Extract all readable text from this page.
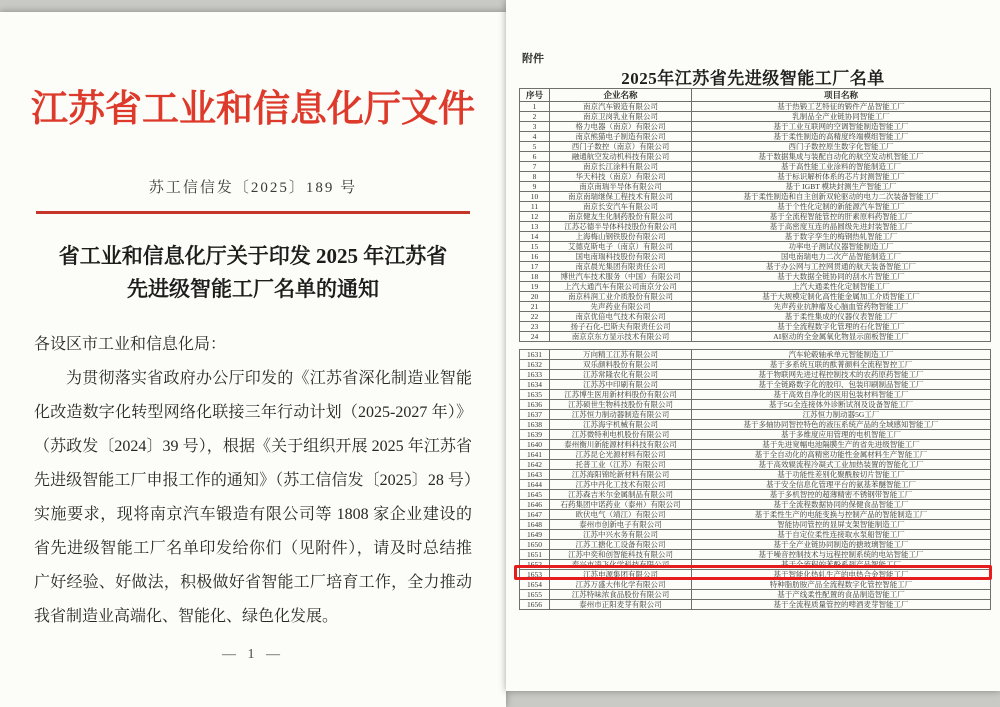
江苏省工业和信息化厅文件
苏工信信发〔2025〕189 号
省工业和信息化厅关于印发 2025 年江苏省
先进级智能工厂名单的通知
各设区市工业和信息化局：

为贯彻落实省政府办公厅印发的《江苏省深化制造业智能化改造数字化转型网络化联接三年行动计划（2025-2027 年）》（苏政发〔2024〕39 号），根据《关于组织开展 2025 年江苏省先进级智能工厂申报工作的通知》（苏工信信发〔2025〕28 号）实施要求，现将南京汽车锻造有限公司等 1808 家企业建设的省先进级智能工厂名单印发给你们（见附件），请及时总结推广好经验、好做法，积极做好省智能工厂培育工作，全力推动我省制造业高端化、智能化、绿色化发展。

— 1 —
附件
2025年江苏省先进级智能工厂名单
序号	企业名称	项目名称
1	南京汽车锻造有限公司	基于热锻工艺特征的锻件产品智能工厂
2	南京卫岗乳业有限公司	乳制品全产业链协同智能工厂
3	格力电器（南京）有限公司	基于工业互联网的空调智能制造智能工厂
4	南京熊猫电子制造有限公司	基于柔性制造的高精度终端模组智能工厂
5	西门子数控（南京）有限公司	西门子数控原生数字化智能工厂
6	融通航空发动机科技有限公司	基于数据集成与装配自动化的航空发动机智能工厂
7	南京长江涂料有限公司	基于高性能工业涂料的智能制造工厂
8	华天科技（南京）有限公司	基于标识解析体系的芯片封测智能工厂
9	南京南瑞半导体有限公司	基于 IGBT 模块封测生产智能工厂
10	南京南瑞继保工程技术有限公司	基于柔性制造和自主创新双轮驱动的电力二次装备智能工厂
11	南京长安汽车有限公司	基于个性化定制的新能源汽车智能工厂
12	南京健友生化制药股份有限公司	基于全流程智能管控的肝素原料药智能工厂
13	江苏芯德半导体科技股份有限公司	基于高密度互连的晶圆级先进封装智能工厂
14	上海梅山钢铁股份有限公司	基于数字孪生的梅钢热轧智能工厂
15	艾德克斯电子（南京）有限公司	功率电子测试仪器智能制造工厂
16	国电南瑞科技股份有限公司	国电南瑞电力二次产品智能制造工厂
17	南京晨光集团有限责任公司	基于办公网与工控网贯通的航天装备智能工厂
18	博世汽车技术服务（中国）有限公司	基于大数据全链协同的刮水片智能工厂
19	上汽大通汽车有限公司南京分公司	上汽大通柔性化定制智能工厂
20	南京科润工业介质股份有限公司	基于大规模定制化高性能金属加工介质智能工厂
21	先声药业有限公司	先声药业抗肿瘤及心脑血管药物智能工厂
22	南京优倍电气技术有限公司	基于柔性集成的仪器仪表智能工厂
23	扬子石化-巴斯夫有限责任公司	基于全流程数字化管理的石化智能工厂
24	南京京东方显示技术有限公司	AI驱动的全金属氧化物显示面板智能工厂
1631	万向精工江苏有限公司	汽车轮毂轴承单元智能制造工厂
1632	双乐颜料股份有限公司	基于多系统互联的酞菁颜料全流程智控工厂
1633	江苏常隆农化有限公司	基于物联网先进过程控制技术的农药原药智能工厂
1634	江苏苏中印刷有限公司	基于全链路数字化的胶印、包装印刷制品智能工厂
1635	江苏博生医用新材料股份有限公司	基于高效自净化的医用包装材料智能工厂
1636	江苏硕世生物科技股份有限公司	基于5G全连接体外诊断试剂及设备智能工厂
1637	江苏恒力制动器制造有限公司	江苏恒力制动器5G工厂
1638	江苏海宇机械有限公司	基于多轴协同智控特色的液压系统产品的全域感知智能工厂
1639	江苏微特利电机股份有限公司	基于多维度应用管理的电机智能工厂
1640	泰州衡川新能源材料科技有限公司	基于先进宽幅电池隔膜生产的省先进级智能工厂
1641	江苏昆仑光源材料有限公司	基于全自动化的高精密功能性金属材料生产智能工厂
1642	托普工业（江苏）有限公司	基于高效辊流程冷凝式工业加热装置的智能化工厂
1643	江苏海阳锦纶新材料有限公司	基于功能性差别化聚酰胺切片智能工厂
1644	江苏中丹化工技术有限公司	基于安全信息化管理平台的氨基苯醚智能工厂
1645	江苏森吉米尔金属制品有限公司	基于多机智控的超薄精密不锈钢带智能工厂
1646	石药集团中诺药业（泰州）有限公司	基于全流程数据协同的保健食品智能工厂
1647	欧伏电气（靖江）有限公司	基于柔性生产的电能变换与控制产品的智能制造工厂
1648	泰州市创新电子有限公司	智能协同管控的显屏支架智能制造工厂
1649	江苏中兴水务有限公司	基于自定位柔性连接取水泵船智能工厂
1650	江苏工搪化工设备有限公司	基于全产业链协同制造的搪玻璃智能工厂
1651	江苏中奕和创智能科技有限公司	基于噪音控制技术与远程控制系统的电站智能工厂
1652	泰兴市凌飞化学科技有限公司	基于全流程的苯酚系列产品智能工厂
1653	江苏申源集团有限公司	基于智能化热轧生产的电热合金智能工厂
1654	江苏万盛大伟化学有限公司	特种脂肪胺产品全流程数字化管控智能工厂
1655	江苏特味浓食品股份有限公司	基于产线柔性配置的食品制造智能工厂
1656	泰州市正阳麦芽有限公司	基于全流程质量管控的啤酒麦芽智能工厂
